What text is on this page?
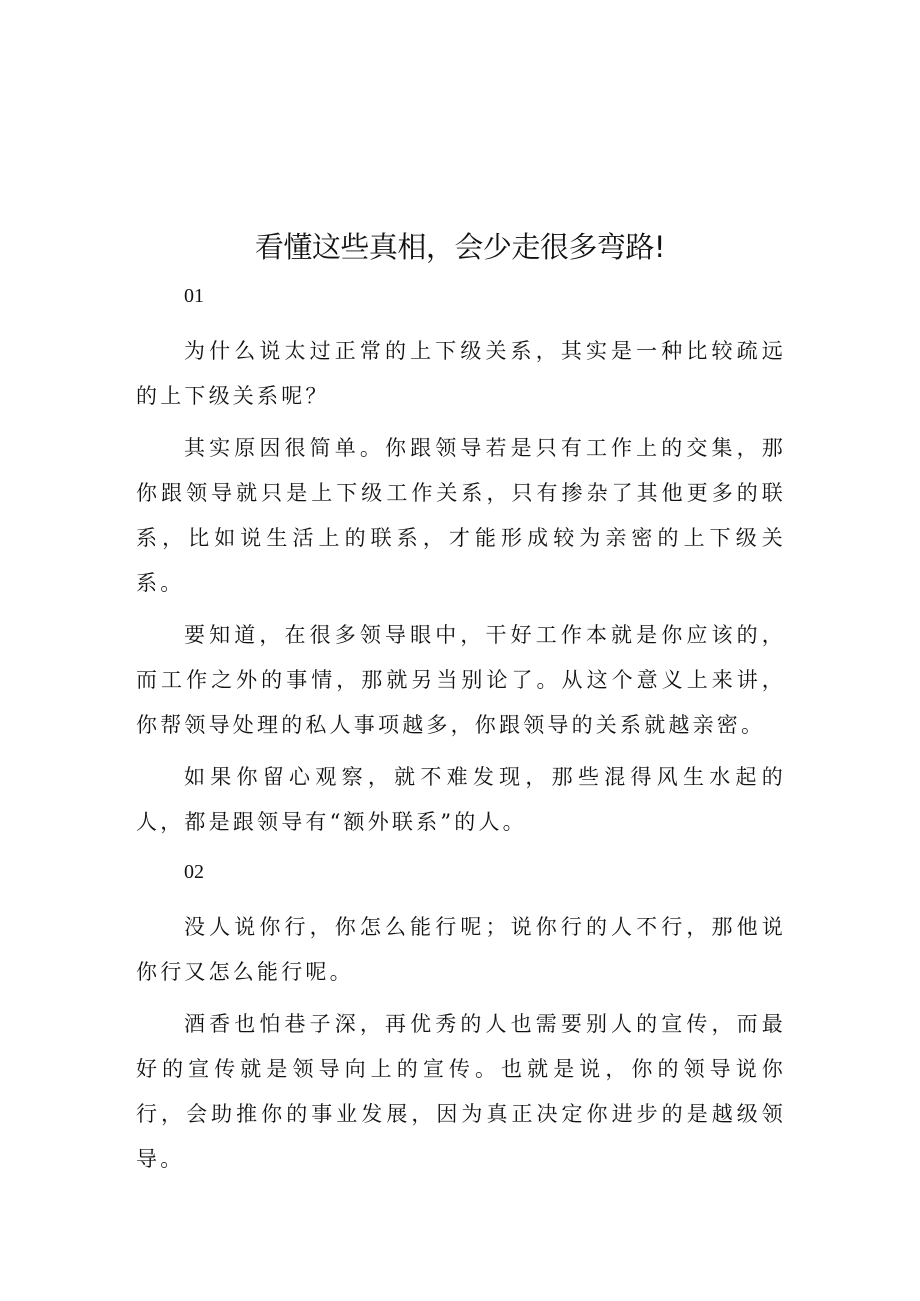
看懂这些真相，会少走很多弯路!

01

为什么说太过正常的上下级关系，其实是一种比较疏远的上下级关系呢？

其实原因很简单。你跟领导若是只有工作上的交集，那你跟领导就只是上下级工作关系，只有掺杂了其他更多的联系，比如说生活上的联系，才能形成较为亲密的上下级关系。

要知道，在很多领导眼中，干好工作本就是你应该的，而工作之外的事情，那就另当别论了。从这个意义上来讲，你帮领导处理的私人事项越多，你跟领导的关系就越亲密。

如果你留心观察，就不难发现，那些混得风生水起的人，都是跟领导有“额外联系”的人。

02

没人说你行，你怎么能行呢；说你行的人不行，那他说你行又怎么能行呢。

酒香也怕巷子深，再优秀的人也需要别人的宣传，而最好的宣传就是领导向上的宣传。也就是说，你的领导说你行，会助推你的事业发展，因为真正决定你进步的是越级领导。
